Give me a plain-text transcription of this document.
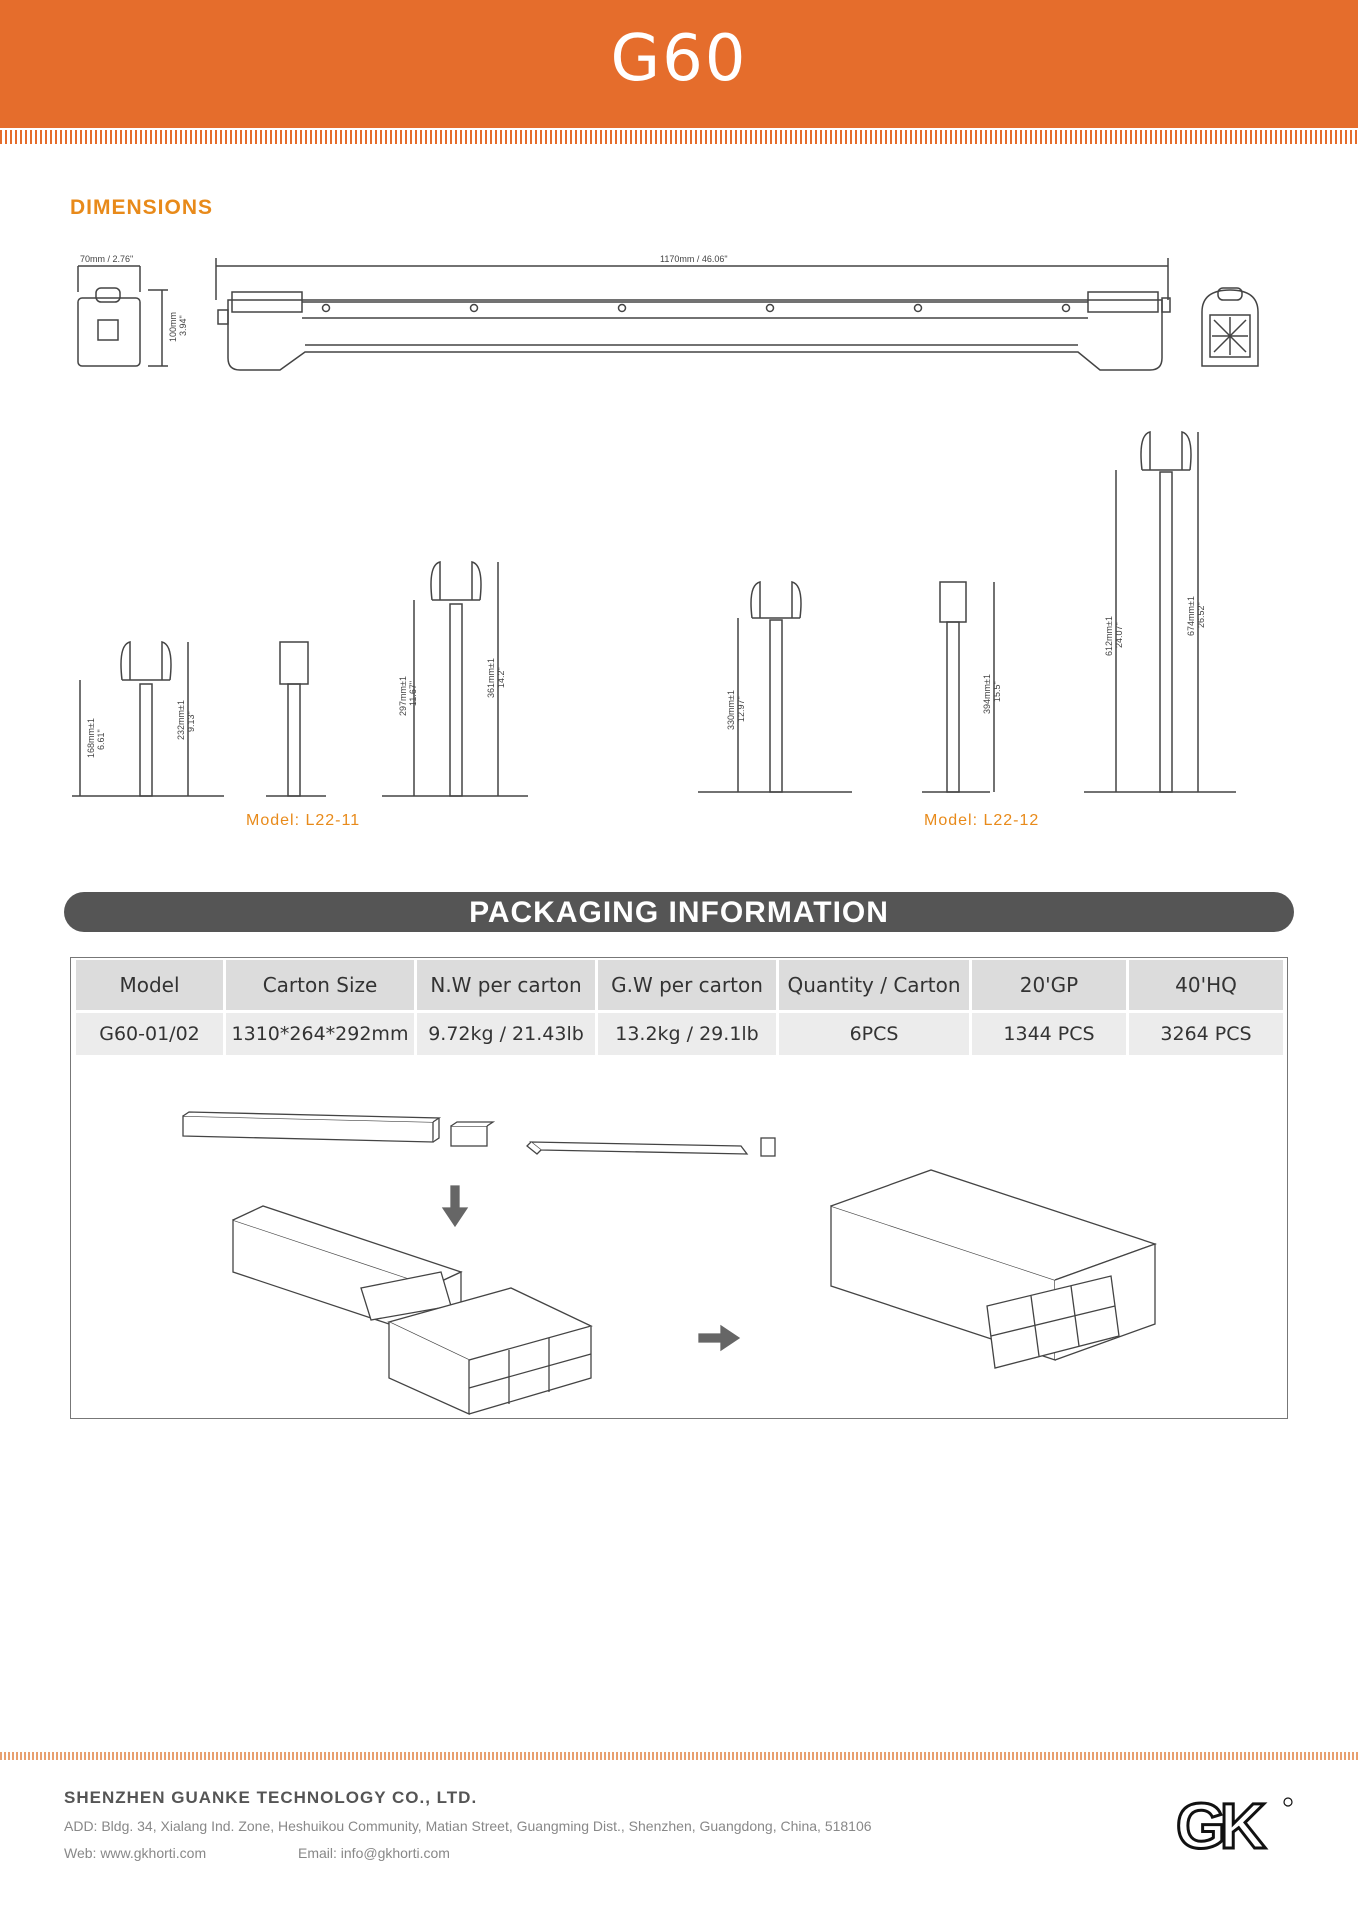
G60
DIMENSIONS
70mm / 2.76"	1170mm / 46.06"
100mm 3.94"
168mm±1 6.61"	232mm±1 9.13"
297mm±1 11.67"	361mm±1 14.2"
330mm±1 12.97"	394mm±1 15.5"
612mm±1 24.07"	674mm±1 26.52"
Model: L22-11	Model: L22-12
PACKAGING INFORMATION
Model	Carton Size	N.W per carton	G.W per carton	Quantity / Carton	20'GP	40'HQ
G60-01/02	1310*264*292mm	9.72kg / 21.43lb	13.2kg / 29.1lb	6PCS	1344 PCS	3264 PCS
SHENZHEN GUANKE TECHNOLOGY CO., LTD.
ADD: Bldg. 34, Xialang Ind. Zone, Heshuikou Community, Matian Street, Guangming Dist., Shenzhen, Guangdong, China, 518106
Web: www.gkhorti.com	Email: info@gkhorti.com	GK
